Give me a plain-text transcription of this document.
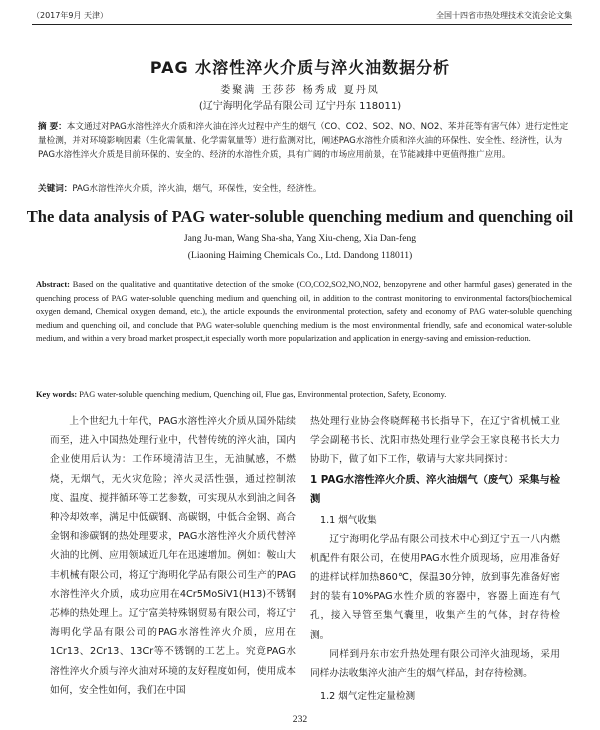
（2017年9月 天津）	全国十四省市热处理技术交流会论文集
PAG 水溶性淬火介质与淬火油数据分析
娄聚满 王莎莎 杨秀成 夏丹凤
(辽宁海明化学品有限公司 辽宁丹东 118011)
摘 要：本文通过对PAG水溶性淬火介质和淬火油在淬火过程中产生的烟气（CO、CO2、SO2、NO、NO2、苯并芘等有害气体）进行定性定量检测，并对环境影响因素（生化需氧量、化学需氧量等）进行监测对比，阐述PAG水溶性介质和淬火油的环保性、安全性、经济性，认为PAG水溶性淬火介质是目前环保的、安全的、经济的水溶性介质，具有广阔的市场应用前景，在节能减排中更值得推广应用。
关键词：PAG水溶性淬火介质，淬火油，烟气，环保性，安全性，经济性。
The data analysis of PAG water-soluble quenching medium and quenching oil
Jang Ju-man, Wang Sha-sha, Yang Xiu-cheng, Xia Dan-feng
(Liaoning Haiming Chemicals Co., Ltd. Dandong 118011)
Abstract: Based on the qualitative and quantitative detection of the smoke (CO,CO2,SO2,NO,NO2, benzopyrene and other harmful gases) generated in the quenching process of PAG water-soluble quenching medium and quenching oil, in addition to the contrast monitoring to environmental factors(biochemical oxygen demand, Chemical oxygen demand, etc.), the article expounds the environmental protection, safety and economy of PAG water-soluble quenching medium and quenching oil, and conclude that PAG water-soluble quenching medium is the most environmental friendly, safe and economical water-soluble medium, and within a very broad market prospect,it especially worth more popularization and application in energy-saving and emission-reduction.
Key words: PAG water-soluble quenching medium, Quenching oil, Flue gas, Environmental protection, Safety, Economy.

上个世纪九十年代，PAG水溶性淬火介质从国外陆续而至，进入中国热处理行业中，代替传统的淬火油，国内企业使用后认为：工作环境清洁卫生，无油腻感，不燃烧，无烟气，无火灾危险；淬火灵活性强，通过控制浓度、温度、搅拌循环等工艺参数，可实现从水到油之间各种冷却效率，满足中低碳钢、高碳钢，中低合金钢、高合金钢和渗碳钢的热处理要求，PAG水溶性淬火介质代替淬火油的比例、应用领域近几年在迅速增加。例如：鞍山大丰机械有限公司，将辽宁海明化学品有限公司生产的PAG水溶性淬火介质，成功应用在4Cr5MoSiV1(H13)不锈钢芯棒的热处理上。辽宁富美特殊钢贸易有限公司，将辽宁海明化学品有限公司的PAG水溶性淬火介质，应用在1Cr13、2Cr13、13Cr等不锈钢的工艺上。究竟PAG水溶性淬火介质与淬火油对环境的友好程度如何，使用成本如何，安全性如何，我们在中国

热处理行业协会佟晓辉秘书长指导下，在辽宁省机械工业学会副秘书长、沈阳市热处理行业学会王家良秘书长大力协助下，做了如下工作，敬请与大家共同探讨：

1 PAG水溶性淬火介质、淬火油烟气（废气）采集与检测
1.1 烟气收集

辽宁海明化学品有限公司技术中心到辽宁五一八内燃机配件有限公司，在使用PAG水性介质现场，应用准备好的进样试样加热860℃，保温30分钟，放到事先准备好密封的装有10%PAG水性介质的容器中，容器上面连有气孔，接入导管至集气囊里，收集产生的气体，封存待检测。

同样到丹东市宏升热处理有限公司淬火油现场，采用同样办法收集淬火油产生的烟气样品，封存待检测。

1.2 烟气定性定量检测
232
